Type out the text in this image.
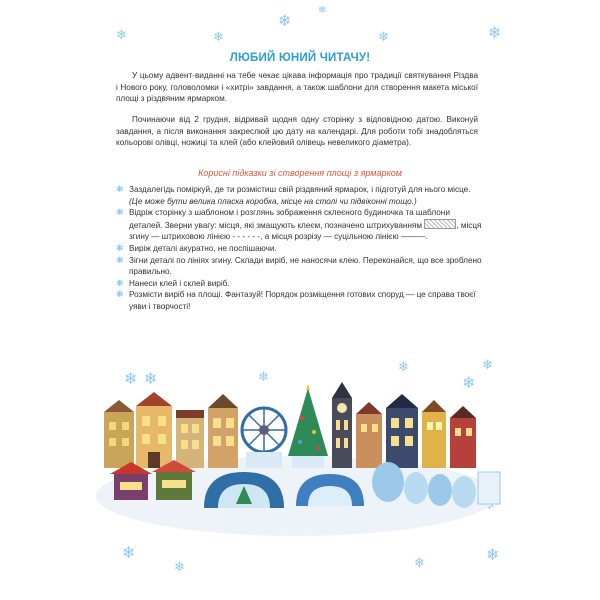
❄
❄
❄
❄	❄
❄
❄ ❄	❄
❄
❄
❄
❄
❄
❄
❄
ЛЮБИЙ ЮНИЙ ЧИТАЧУ!

У цьому адвент-виданні на тебе чекає цікава інформація про традиції святкування Різдва і Нового року, головоломки і «хитрі» завдання, а також шаблони для створення макета міської площі з різдвяним ярмарком.

Починаючи від 2 грудня, відривай щодня одну сторінку з відповідною датою. Виконуй завдання, а після виконання закреслюй цю дату на календарі. Для роботи тобі знадобляться кольорові олівці, ножиці та клей (або клейовий олівець невеликого діаметра).

Корисні підказки зі створення площі з ярмарком
❄ Заздалегідь поміркуй, де ти розмістиш свій різдвяний ярмарок, і підготуй для нього місце. (Це може бути велика пласка коробка, місце на столі чи підвіконні тощо.)
❄ Відріж сторінку з шаблоном і розглянь зображення склеєного будиночка та шаблони деталей. Зверни увагу: місця, які змащують клеєм, позначено штрихуванням	, місця згину — штриховою лінією - - - - - -, а місця розрізу — суцільною лінією ———.
❄ Виріж деталі акуратно, не поспішаючи.
❄ Зігни деталі по лініях згину. Склади виріб, не наносячи клею. Переконайся, що все зроблено правильно.
❄ Нанеси клей і склей виріб.
❄ Розмісти виріб на площі. Фантазуй! Порядок розміщення готових споруд — це справа твоєї уяви і творчості!
